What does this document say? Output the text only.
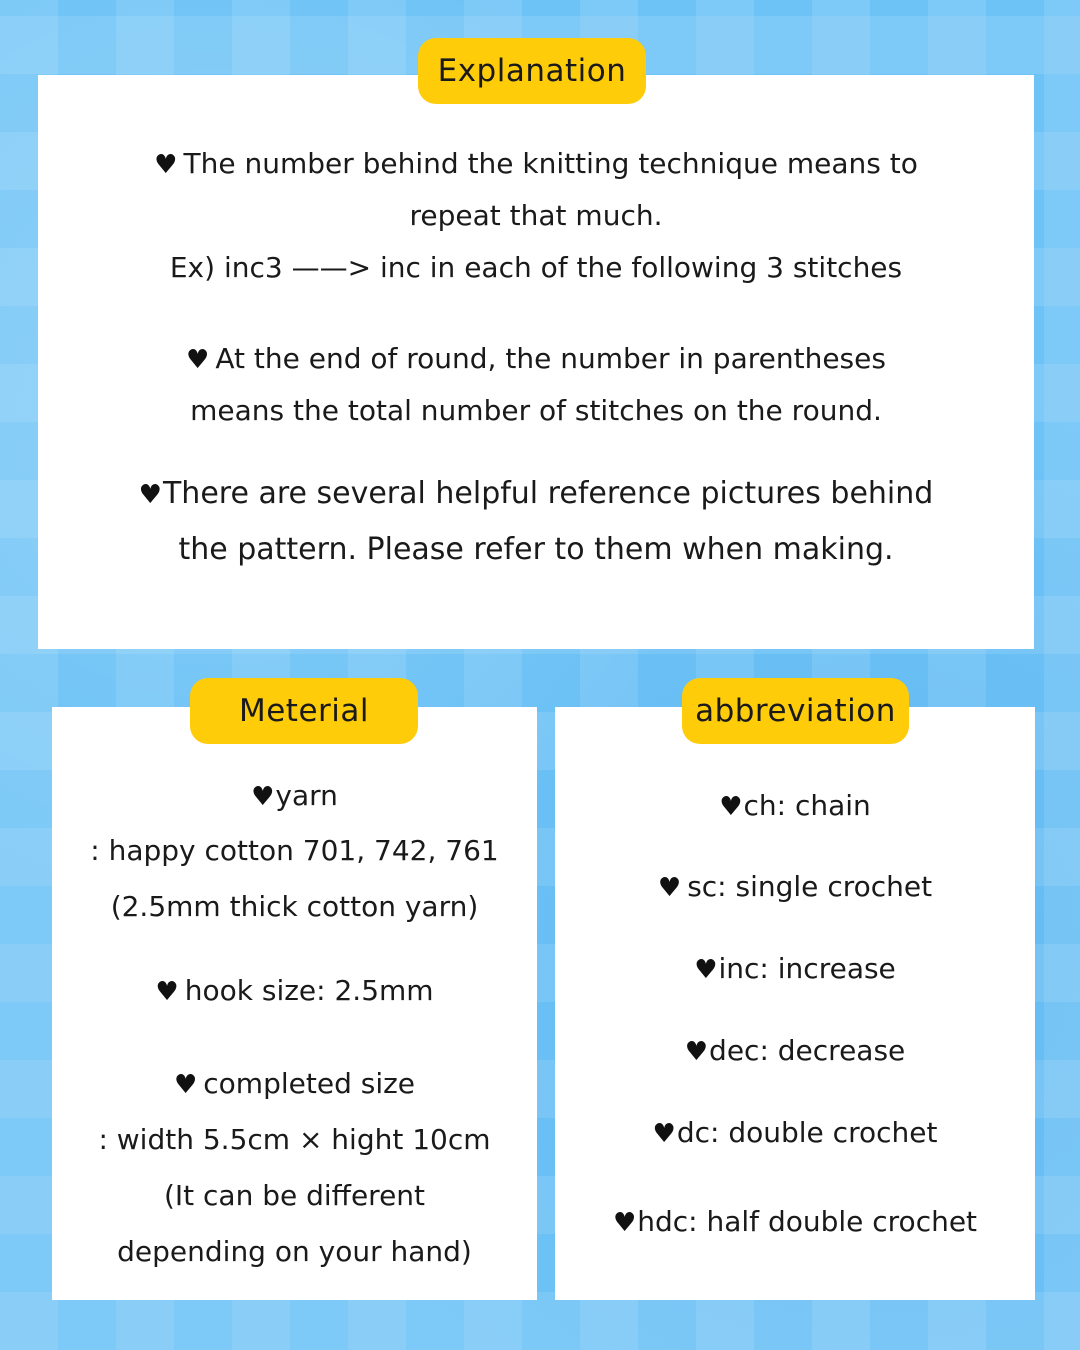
♥ The number behind the knitting technique means to
repeat that much.
Ex) inc3 ——> inc in each of the following 3 stitches
♥ At the end of round, the number in parentheses
means the total number of stitches on the round.
♥There are several helpful reference pictures behind
the pattern. Please refer to them when making.
Explanation
♥yarn
: happy cotton 701, 742, 761
(2.5mm thick cotton yarn)
♥ hook size: 2.5mm
♥ completed size
: width 5.5cm × hight 10cm
(It can be different
depending on your hand)
Meterial
♥ch: chain
♥ sc: single crochet
♥inc: increase
♥dec: decrease
♥dc: double crochet
♥hdc: half double crochet
abbreviation
